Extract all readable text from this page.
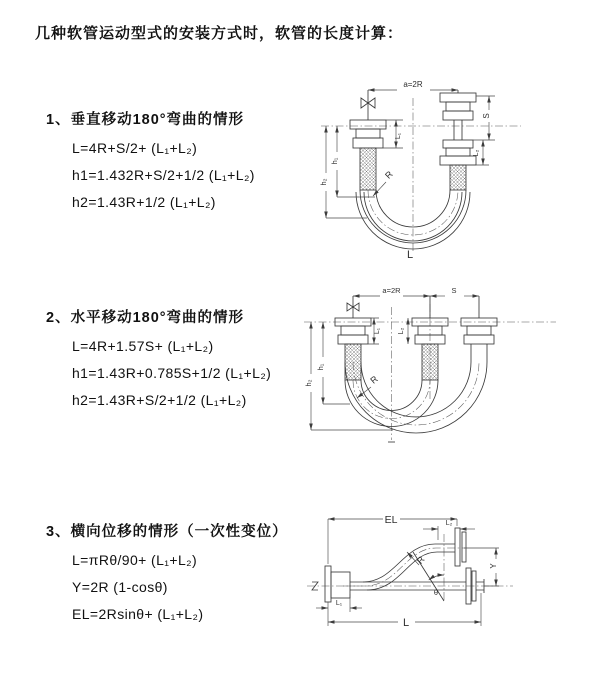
几种软管运动型式的安装方式时，软管的长度计算：
1、垂直移动180°弯曲的情形

L=4R+S/2+ (L₁+L₂)

h1=1.432R+S/2+1/2 (L₁+L₂)

h2=1.43R+1/2 (L₁+L₂)

2、水平移动180°弯曲的情形

L=4R+1.57S+ (L₁+L₂)

h1=1.43R+0.785S+1/2 (L₁+L₂)

h2=1.43R+S/2+1/2 (L₁+L₂)

3、横向位移的情形（一次性变位）

L=πRθ/90+ (L₁+L₂)

Y=2R (1-cosθ)

EL=2Rsinθ+ (L₁+L₂)

a=2R
S
L₁
L₂
h₁
h₂
R
L
a=2R	S
L₁ L₂
h₁
h₂	R
EL	L₂
Y
R
θ
L
L₁
